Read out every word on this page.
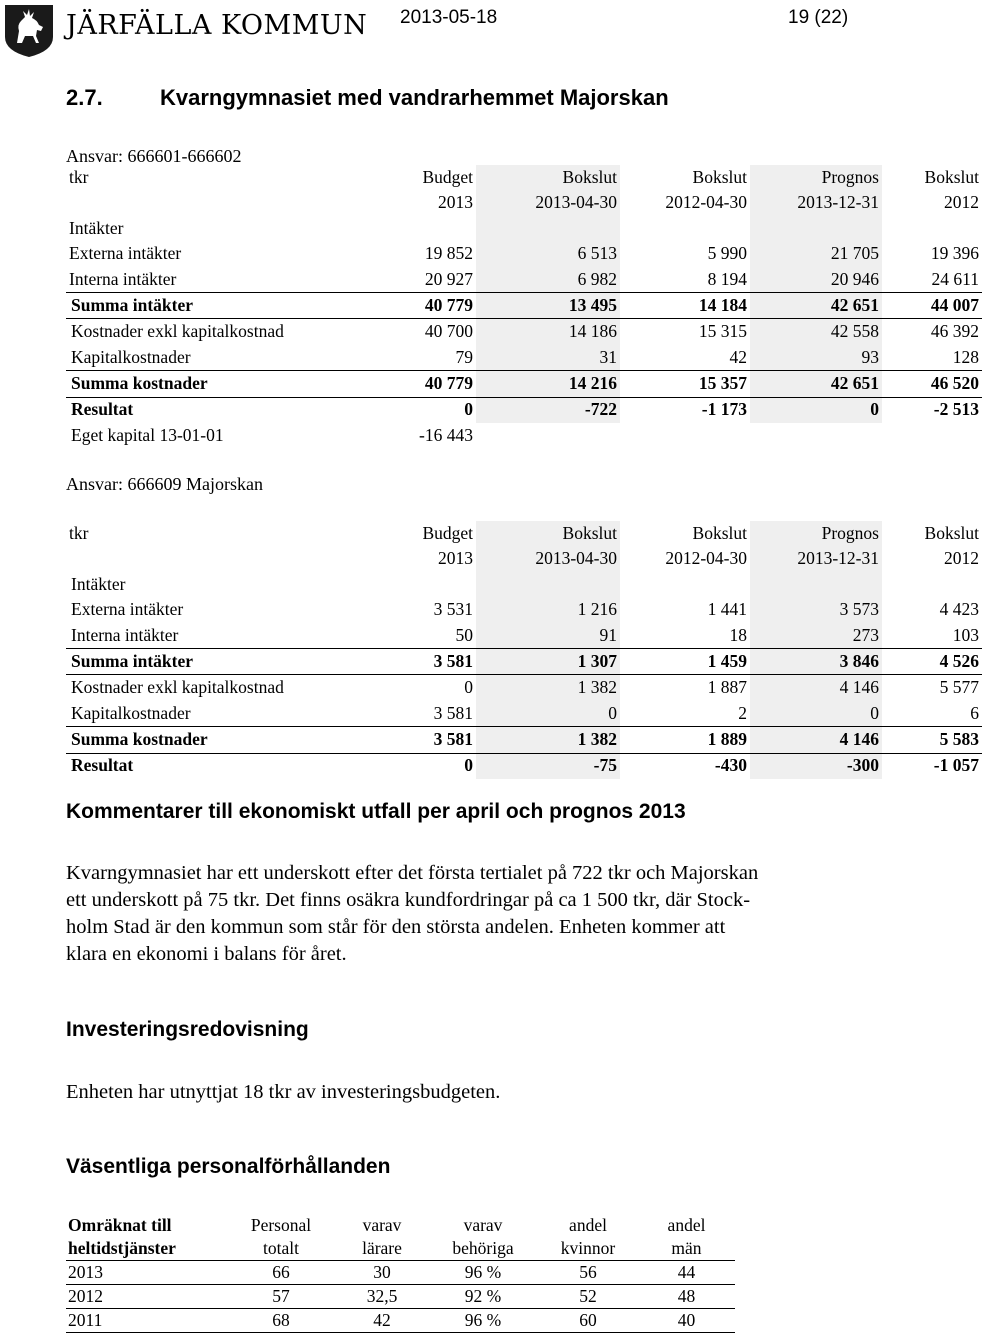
JÄRFÄLLA KOMMUN 2013-05-18	19 (22)
2.7.	Kvarngymnasiet med vandrarhemmet Majorskan
Ansvar: 666601-666602
tkr	Budget	Bokslut	Bokslut	Prognos	Bokslut
	2013	2013-04-30	2012-04-30	2013-12-31	2012
Intäkter					
Externa intäkter	19 852	6 513	5 990	21 705	19 396
Interna intäkter	20 927	6 982	8 194	20 946	24 611
Summa intäkter	40 779	13 495	14 184	42 651	44 007
Kostnader exkl kapitalkostnad	40 700	14 186	15 315	42 558	46 392
Kapitalkostnader	79	31	42	93	128
Summa kostnader	40 779	14 216	15 357	42 651	46 520
Resultat	0	-722	-1 173	0	-2 513
Eget kapital 13-01-01	-16 443				
Ansvar: 666609 Majorskan
tkr	Budget	Bokslut	Bokslut	Prognos	Bokslut
	2013	2013-04-30	2012-04-30	2013-12-31	2012
Intäkter					
Externa intäkter	3 531	1 216	1 441	3 573	4 423
Interna intäkter	50	91	18	273	103
Summa intäkter	3 581	1 307	1 459	3 846	4 526
Kostnader exkl kapitalkostnad	0	1 382	1 887	4 146	5 577
Kapitalkostnader	3 581	0	2	0	6
Summa kostnader	3 581	1 382	1 889	4 146	5 583
Resultat	0	-75	-430	-300	-1 057
Kommentarer till ekonomiskt utfall per april och prognos 2013
Kvarngymnasiet har ett underskott efter det första tertialet på 722 tkr och Majorskan
ett underskott på 75 tkr. Det finns osäkra kundfordringar på ca 1 500 tkr, där Stock-
holm Stad är den kommun som står för den största andelen. Enheten kommer att
klara en ekonomi i balans för året.
Investeringsredovisning
Enheten har utnyttjat 18 tkr av investeringsbudgeten.
Väsentliga personalförhållanden
Omräknat till	Personal	varav	varav	andel	andel
heltidstjänster	totalt	lärare	behöriga	kvinnor	män
2013	66	30	96 %	56	44
2012	57	32,5	92 %	52	48
2011	68	42	96 %	60	40
